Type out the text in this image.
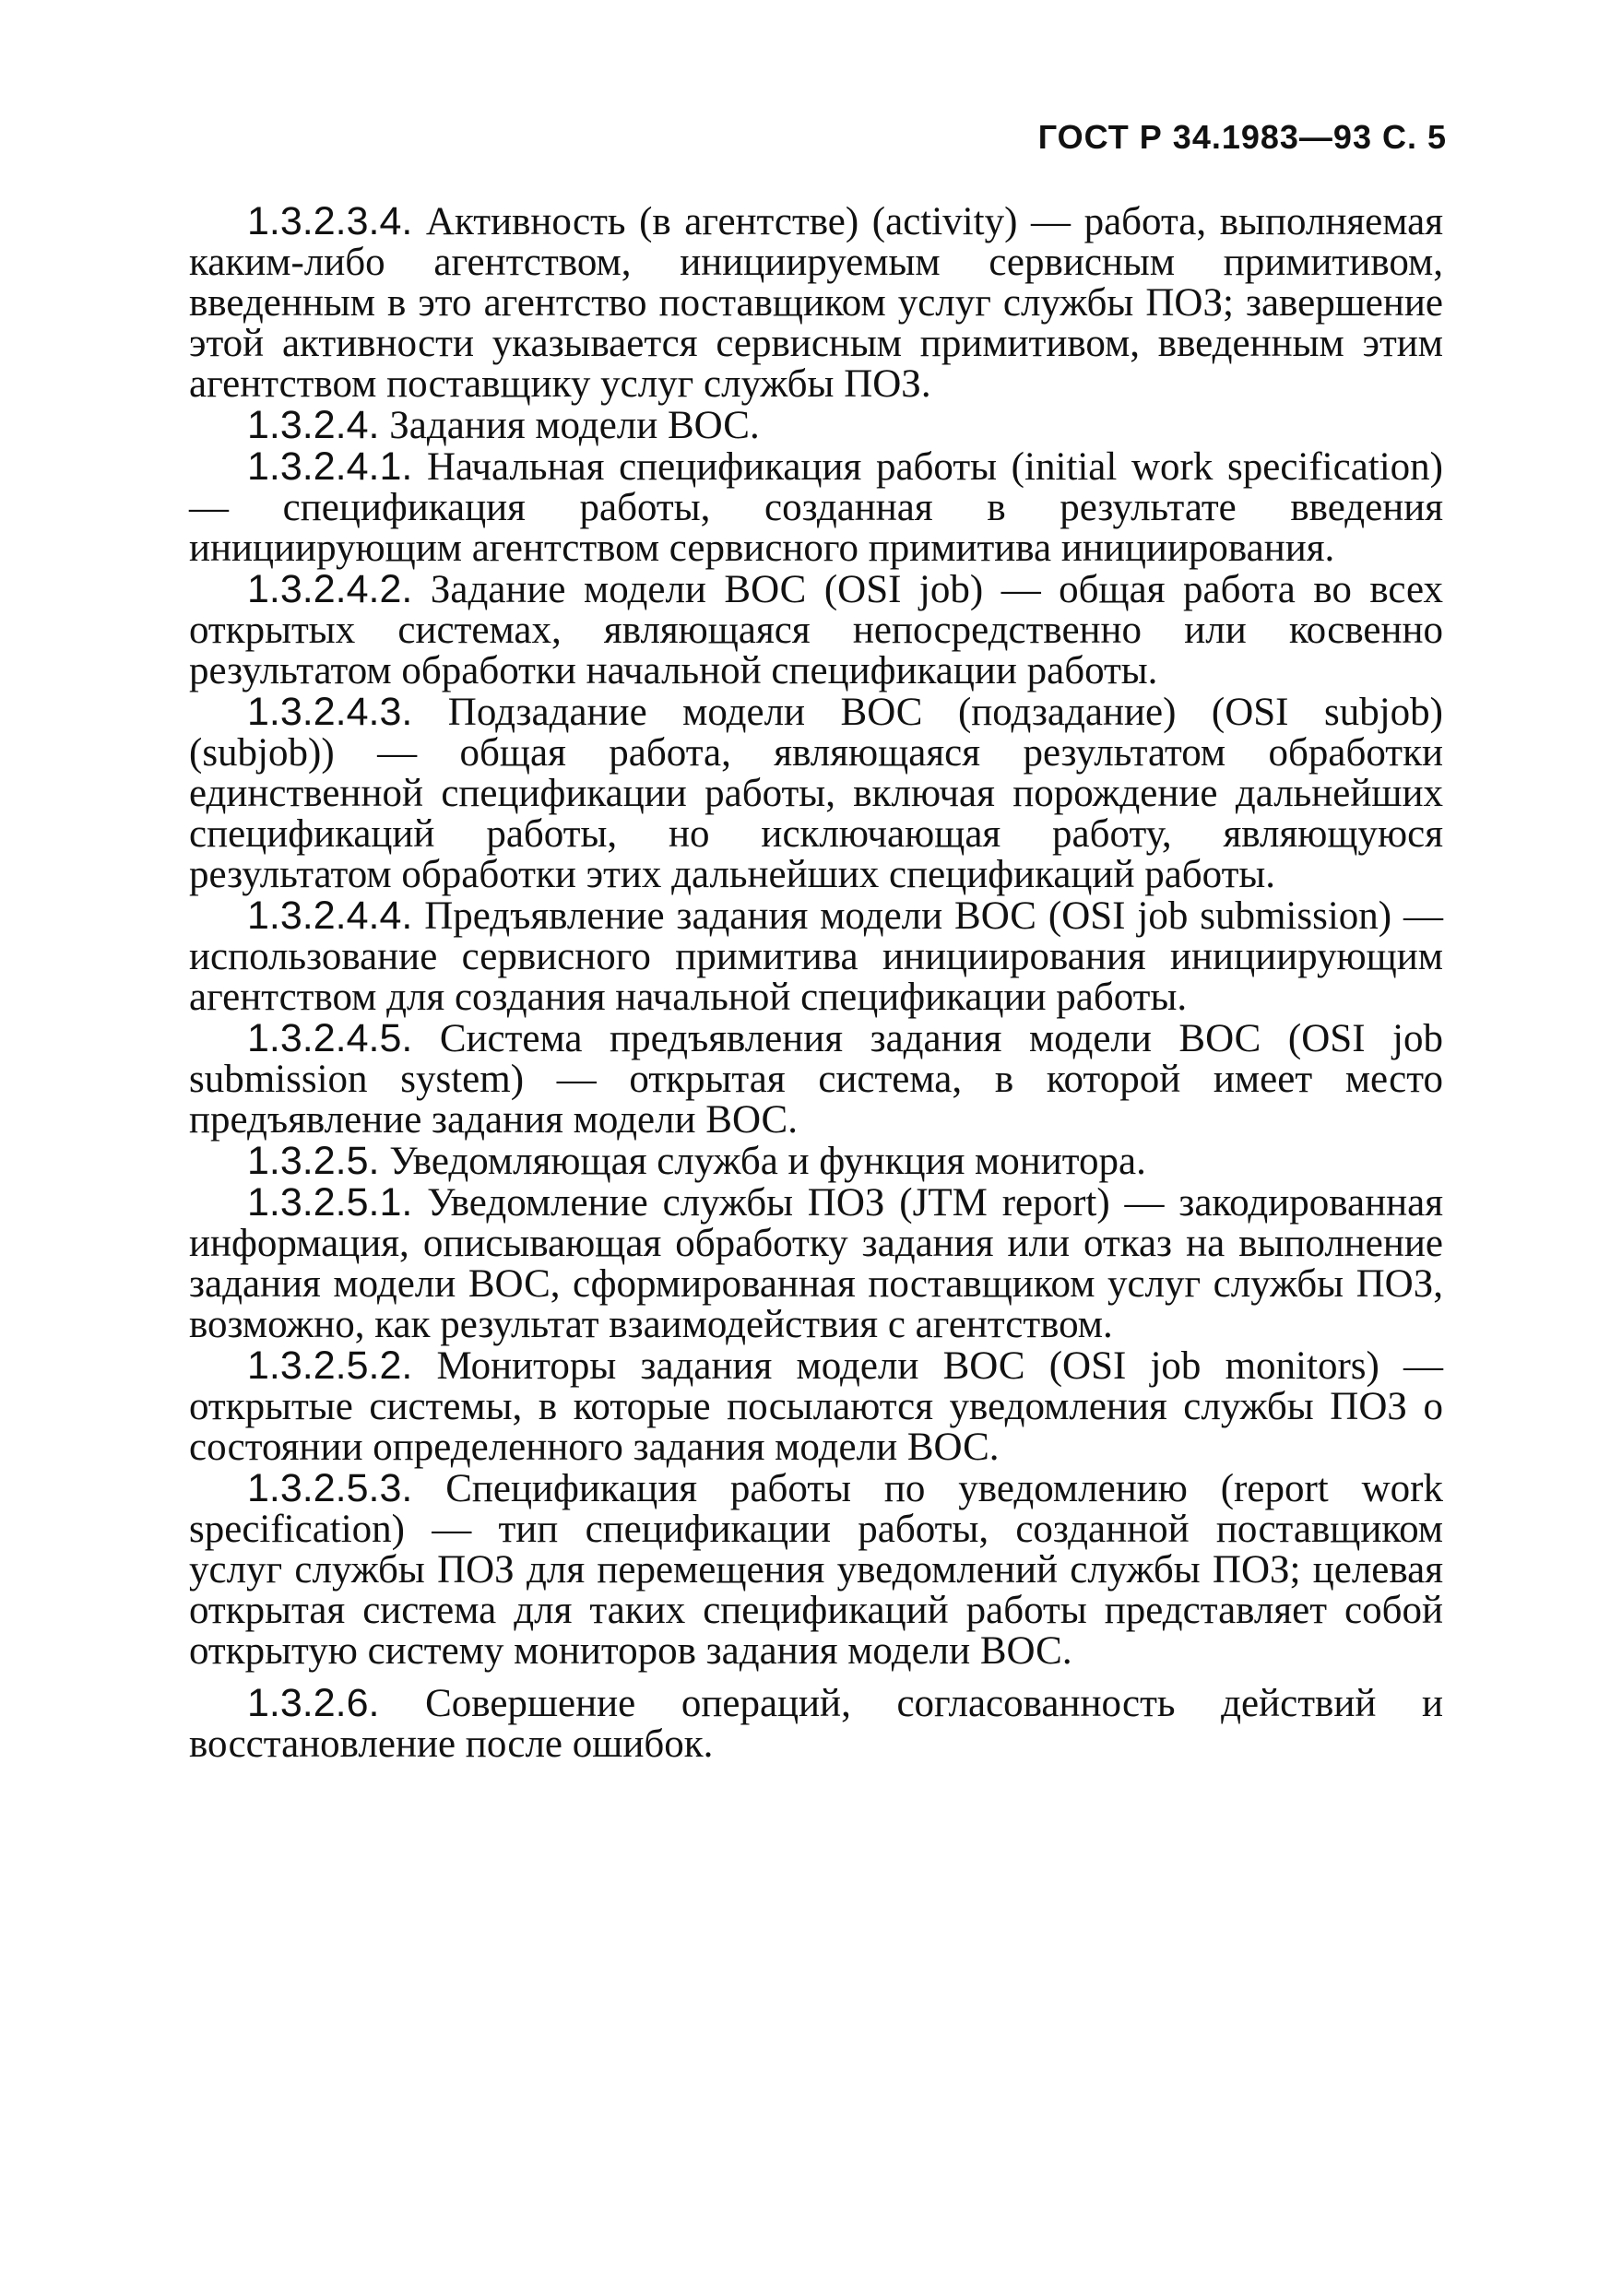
ГОСТ Р 34.1983—93 С. 5

1.3.2.3.4. Активность (в агентстве) (activity) — работа, выполняемая каким-либо агентством, инициируемым сервисным примитивом, введенным в это агентство поставщиком услуг службы ПОЗ; завершение этой активности указывается сервисным примитивом, введенным этим агентством поставщику услуг службы ПОЗ.

1.3.2.4. Задания модели ВОС.

1.3.2.4.1. Начальная спецификация работы (initial work specification) — спецификация работы, созданная в результате введения инициирующим агентством сервисного примитива инициирования.

1.3.2.4.2. Задание модели ВОС (OSI job) — общая работа во всех открытых системах, являющаяся непосредственно или косвенно результатом обработки начальной спецификации работы.

1.3.2.4.3. Подзадание модели ВОС (подзадание) (OSI subjob) (subjob)) — общая работа, являющаяся результатом обработки единственной спецификации работы, включая порождение дальнейших спецификаций работы, но исключающая работу, являющуюся результатом обработки этих дальнейших спецификаций работы.

1.3.2.4.4. Предъявление задания модели ВОС (OSI job submission) — использование сервисного примитива инициирования инициирующим агентством для создания начальной спецификации работы.

1.3.2.4.5. Система предъявления задания модели ВОС (OSI job submission system) — открытая система, в которой имеет место предъявление задания модели ВОС.

1.3.2.5. Уведомляющая служба и функция монитора.

1.3.2.5.1. Уведомление службы ПОЗ (JTM report) — закодированная информация, описывающая обработку задания или отказ на выполнение задания модели ВОС, сформированная поставщиком услуг службы ПОЗ, возможно, как результат взаимодействия с агентством.

1.3.2.5.2. Мониторы задания модели ВОС (OSI job monitors) — открытые системы, в которые посылаются уведомления службы ПОЗ о состоянии определенного задания модели ВОС.

1.3.2.5.3. Спецификация работы по уведомлению (report work specification) — тип спецификации работы, созданной поставщиком услуг службы ПОЗ для перемещения уведомлений службы ПОЗ; целевая открытая система для таких спецификаций работы представляет собой открытую систему мониторов задания модели ВОС.

1.3.2.6. Совершение операций, согласованность действий и восстановление после ошибок.
